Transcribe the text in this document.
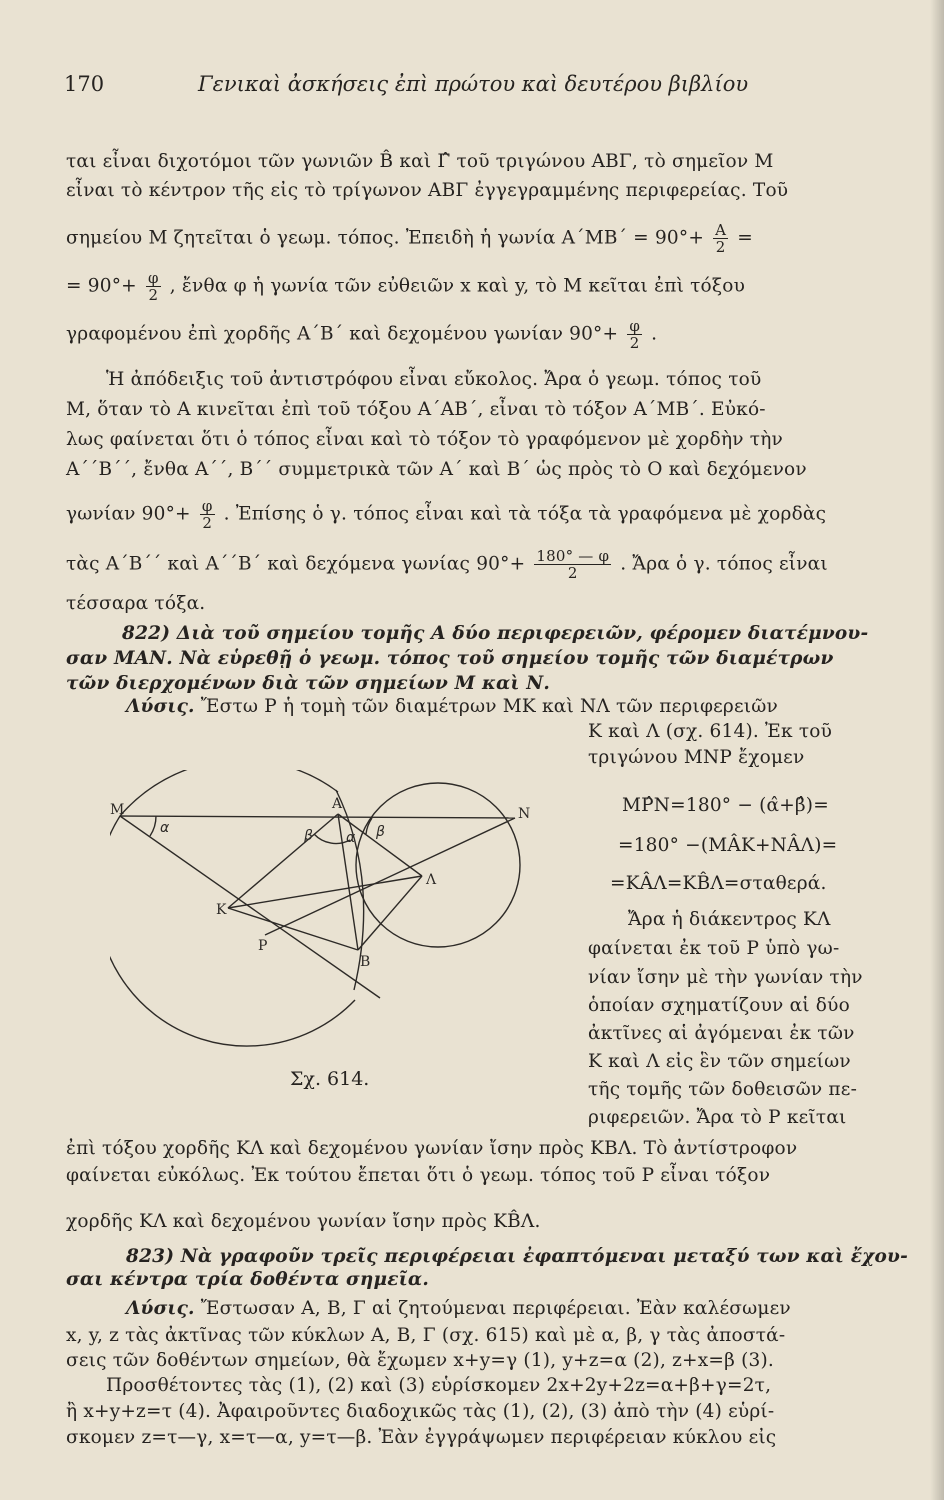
170	Γενικαὶ ἀσκήσεις ἐπὶ πρώτου καὶ δευτέρου βιβλίου
ται εἶναι διχοτόμοι τῶν γωνιῶν B̂ καὶ Γ̂ τοῦ τριγώνου ΑΒΓ, τὸ σημεῖον Μ
εἶναι τὸ κέντρον τῆς εἰς τὸ τρίγωνον ΑΒΓ ἐγγεγραμμένης περιφερείας. Τοῦ
σημείου Μ ζητεῖται ὁ γεωμ. τόπος. Ἐπειδὴ ἡ γωνία $A΄MB΄ = 90^\circ+ \frac{A}{2}$ =
= $90^\circ+ \frac{\varphi}{2}$ , ἔνθα φ ἡ γωνία τῶν εὐθειῶν x καὶ y, τὸ Μ κεῖται ἐπὶ τόξου
γραφομένου ἐπὶ χορδῆς Α΄Β΄ καὶ δεχομένου γωνίαν $90^\circ+ \frac{\varphi}{2}$ .
Ἡ ἀπόδειξις τοῦ ἀντιστρόφου εἶναι εὔκολος. Ἄρα ὁ γεωμ. τόπος τοῦ
Μ, ὅταν τὸ Α κινεῖται ἐπὶ τοῦ τόξου Α΄ΑΒ΄, εἶναι τὸ τόξον Α΄ΜΒ΄. Εὐκό-
λως φαίνεται ὅτι ὁ τόπος εἶναι καὶ τὸ τόξον τὸ γραφόμενον μὲ χορδὴν τὴν
Α΄΄Β΄΄, ἔνθα Α΄΄, Β΄΄ συμμετρικὰ τῶν Α΄ καὶ Β΄ ὡς πρὸς τὸ Ο καὶ δεχόμενον
γωνίαν $90^\circ+ \frac{\varphi}{2}$ . Ἐπίσης ὁ γ. τόπος εἶναι καὶ τὰ τόξα τὰ γραφόμενα μὲ χορδὰς
τὰς Α΄Β΄΄ καὶ Α΄΄Β΄ καὶ δεχόμενα γωνίας $90^\circ+ \frac{180^\circ — \varphi}{2}$ . Ἄρα ὁ γ. τόπος εἶναι
τέσσαρα τόξα.
822) Διὰ τοῦ σημείου τομῆς Α δύο περιφερειῶν, φέρομεν διατέμνου-
σαν ΜΑΝ. Νὰ εὑρεθῇ ὁ γεωμ. τόπος τοῦ σημείου τομῆς τῶν διαμέτρων
τῶν διερχομένων διὰ τῶν σημείων Μ καὶ Ν.
Λύσις. Ἔστω Ρ ἡ τομὴ τῶν διαμέτρων ΜΚ καὶ ΝΛ τῶν περιφερειῶν
Κ καὶ Λ (σχ. 614). Ἐκ τοῦ
τριγώνου ΜΝΡ ἔχομεν
ΜΡ̂Ν=180° − (α̂+β̂)=
=180° −(ΜÂΚ+ΝÂΛ)=
=ΚÂΛ=ΚB̂Λ=σταθερά.
Ἄρα ἡ διάκεντρος ΚΛ
φαίνεται ἐκ τοῦ Ρ ὑπὸ γω-
νίαν ἴσην μὲ τὴν γωνίαν τὴν
ὁποίαν σχηματίζουν αἱ δύο
ἀκτῖνες αἱ ἀγόμεναι ἐκ τῶν
Κ καὶ Λ εἰς ἓν τῶν σημείων
τῆς τομῆς τῶν δοθεισῶν πε-
ριφερειῶν. Ἄρα τὸ Ρ κεῖται
M	A
N
K
Λ
P
B
α	β
β α
Σχ. 614.
ἐπὶ τόξου χορδῆς ΚΛ καὶ δεχομένου γωνίαν ἴσην πρὸς ΚΒΛ. Τὸ ἀντίστροφον
φαίνεται εὐκόλως. Ἐκ τούτου ἔπεται ὅτι ὁ γεωμ. τόπος τοῦ Ρ εἶναι τόξον
χορδῆς ΚΛ καὶ δεχομένου γωνίαν ἴσην πρὸς ΚB̂Λ.
823) Νὰ γραφοῦν τρεῖς περιφέρειαι ἐφαπτόμεναι μεταξύ των καὶ ἔχου-
σαι κέντρα τρία δοθέντα σημεῖα.
Λύσις. Ἔστωσαν Α, Β, Γ αἱ ζητούμεναι περιφέρειαι. Ἐὰν καλέσωμεν
x, y, z τὰς ἀκτῖνας τῶν κύκλων Α, Β, Γ (σχ. 615) καὶ μὲ α, β, γ τὰς ἀποστά-
σεις τῶν δοθέντων σημείων, θὰ ἔχωμεν x+y=γ (1), y+z=α (2), z+x=β (3).
Προσθέτοντες τὰς (1), (2) καὶ (3) εὑρίσκομεν 2x+2y+2z=α+β+γ=2τ,
ἢ x+y+z=τ (4). Ἀφαιροῦντες διαδοχικῶς τὰς (1), (2), (3) ἀπὸ τὴν (4) εὑρί-
σκομεν z=τ—γ, x=τ—α, y=τ—β. Ἐὰν ἐγγράψωμεν περιφέρειαν κύκλου εἰς
